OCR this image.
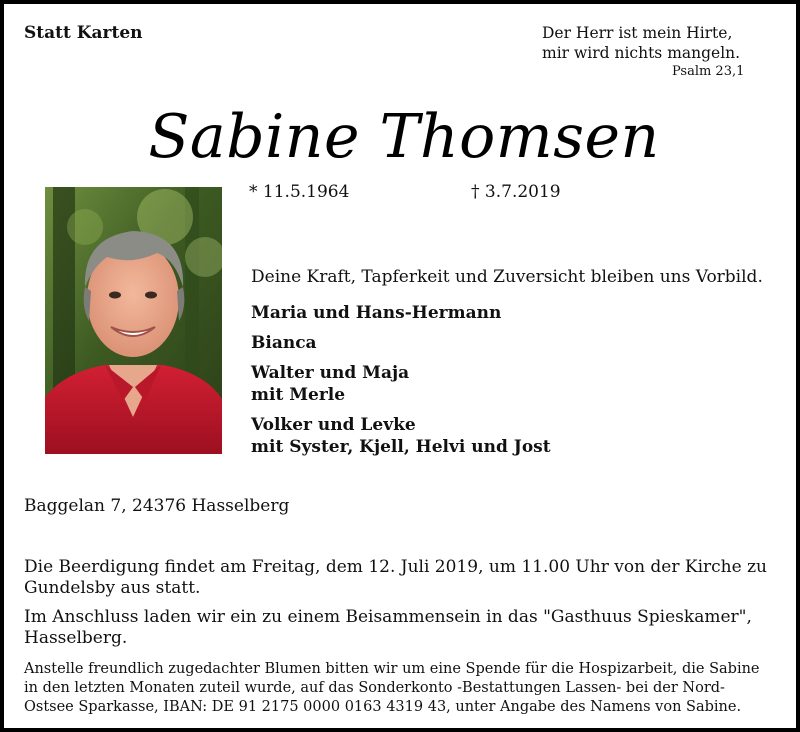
Statt Karten	Der Herr ist mein Hirte,
mir wird nichts mangeln.
Psalm 23,1
Sabine Thomsen
* 11.5.1964	† 3.7.2019
Deine Kraft, Tapferkeit und Zuversicht bleiben uns Vorbild.
Maria und Hans-Hermann
Bianca
Walter und Maja
mit Merle
Volker und Levke
mit Syster, Kjell, Helvi und Jost
Baggelan 7, 24376 Hasselberg
Die Beerdigung findet am Freitag, dem 12. Juli 2019, um 11.00 Uhr von der Kirche zu
Gundelsby aus statt.
Im Anschluss laden wir ein zu einem Beisammensein in das "Gasthuus Spieskamer",
Hasselberg.
Anstelle freundlich zugedachter Blumen bitten wir um eine Spende für die Hospizarbeit, die Sabine
in den letzten Monaten zuteil wurde, auf das Sonderkonto -Bestattungen Lassen- bei der Nord-
Ostsee Sparkasse, IBAN: DE 91 2175 0000 0163 4319 43, unter Angabe des Namens von Sabine.
